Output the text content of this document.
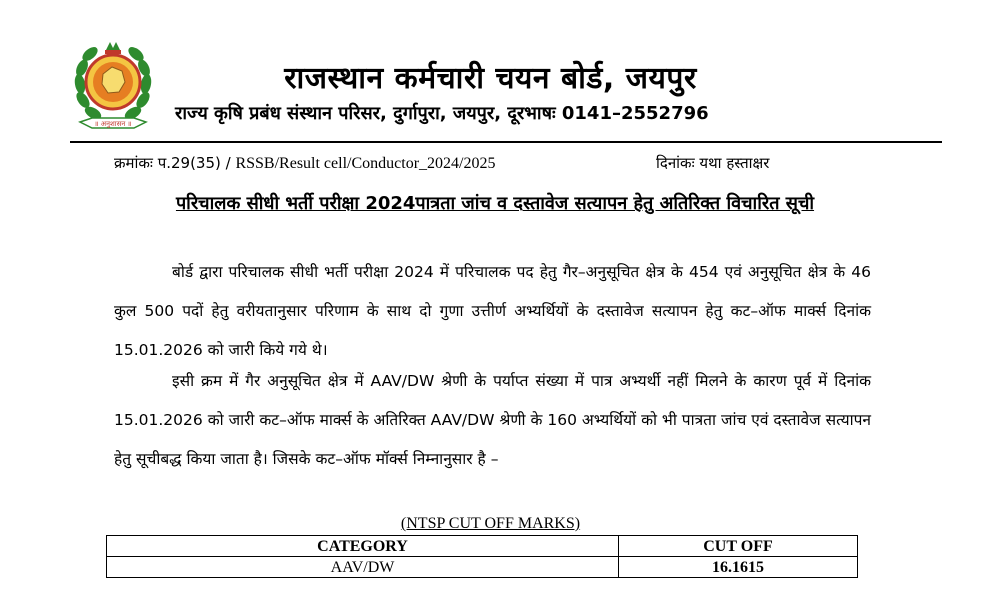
॥ अनुशासन ॥
राजस्थान कर्मचारी चयन बोर्ड, जयपुर
राज्य कृषि प्रबंध संस्थान परिसर, दुर्गापुरा, जयपुर, दूरभाषः 0141–2552796
क्रमांकः प.29(35) / RSSB/Result cell/Conductor_2024/2025	दिनांकः यथा हस्ताक्षर
परिचालक सीधी भर्ती परीक्षा 2024पात्रता जांच व दस्तावेज सत्यापन हेतु अतिरिक्त विचारित सूची

बोर्ड द्वारा परिचालक सीधी भर्ती परीक्षा 2024 में परिचालक पद हेतु गैर–अनुसूचित क्षेत्र के 454 एवं अनुसूचित क्षेत्र के 46 कुल 500 पदों हेतु वरीयतानुसार परिणाम के साथ दो गुणा उत्तीर्ण अभ्यर्थियों के दस्तावेज सत्यापन हेतु कट–ऑफ मार्क्स दिनांक 15.01.2026 को जारी किये गये थे।

इसी क्रम में गैर अनुसूचित क्षेत्र में AAV/DW श्रेणी के पर्याप्त संख्या में पात्र अभ्यर्थी नहीं मिलने के कारण पूर्व में दिनांक 15.01.2026 को जारी कट–ऑफ मार्क्स के अतिरिक्त AAV/DW श्रेणी के 160 अभ्यर्थियों को भी पात्रता जांच एवं दस्तावेज सत्यापन हेतु सूचीबद्ध किया जाता है। जिसके कट–ऑफ मॉर्क्स निम्नानुसार है –

(NTSP CUT OFF MARKS)
CATEGORY	CUT OFF
AAV/DW	16.1615
